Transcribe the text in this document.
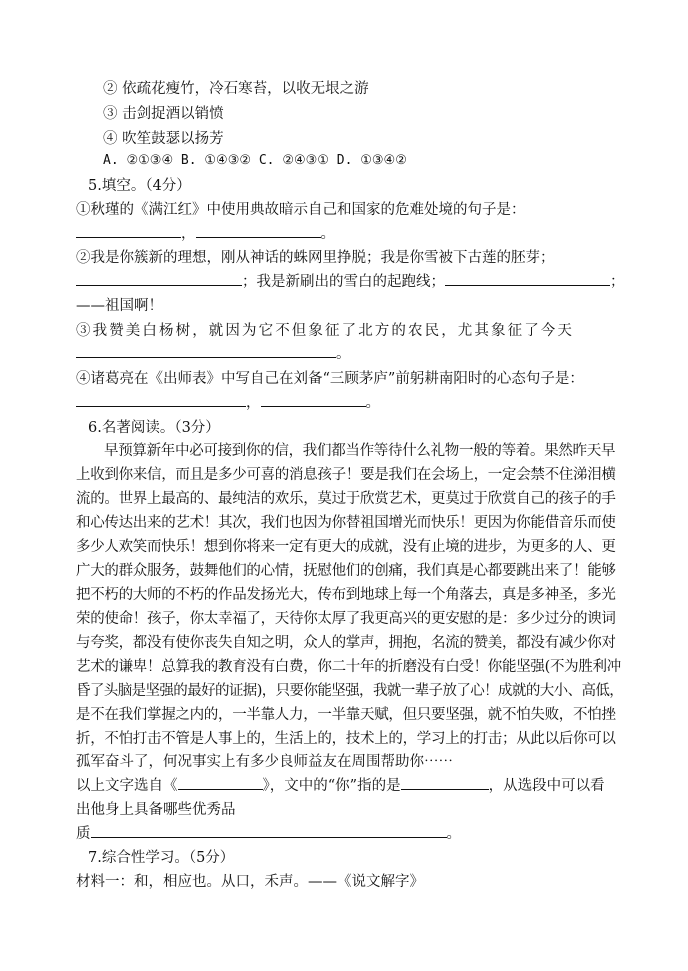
② 依疏花瘦竹，冷石寒苔，以收无垠之游
③ 击剑捉酒以销愤
④ 吹笙鼓瑟以扬芳
A. ②①③④ B. ①④③② C. ②④③① D. ①③④②
5.填空。（4分）
①秋瑾的《满江红》中使用典故暗示自己和国家的危难处境的句子是：
，	。
②我是你簇新的理想，刚从神话的蛛网里挣脱；我是你雪被下古莲的胚芽；
；我是新刷出的雪白的起跑线；	；
——祖国啊！
③我赞美白杨树，就因为它不但象征了北方的农民，尤其象征了今天
。
④诸葛亮在《出师表》中写自己在刘备“三顾茅庐”前躬耕南阳时的心态句子是：
，	。
6.名著阅读。（3分）
早预算新年中必可接到你的信，我们都当作等待什么礼物一般的等着。果然昨天早
上收到你来信，而且是多少可喜的消息孩子！要是我们在会场上，一定会禁不住涕泪横
流的。世界上最高的、最纯洁的欢乐，莫过于欣赏艺术，更莫过于欣赏自己的孩子的手
和心传达出来的艺术！其次，我们也因为你替祖国增光而快乐！更因为你能借音乐而使
多少人欢笑而快乐！想到你将来一定有更大的成就，没有止境的进步，为更多的人、更
广大的群众服务，鼓舞他们的心情，抚慰他们的创痛，我们真是心都要跳出来了！能够
把不朽的大师的不朽的作品发扬光大，传布到地球上每一个角落去，真是多神圣，多光
荣的使命！孩子，你太幸福了，天待你太厚了我更高兴的更安慰的是：多少过分的谀词
与夸奖，都没有使你丧失自知之明，众人的掌声，拥抱，名流的赞美，都没有减少你对
艺术的谦卑！总算我的教育没有白费，你二十年的折磨没有白受！你能坚强(不为胜利冲
昏了头脑是坚强的最好的证据)，只要你能坚强，我就一辈子放了心！成就的大小、高低，
是不在我们掌握之内的，一半靠人力，一半靠天赋，但只要坚强，就不怕失败，不怕挫
折，不怕打击不管是人事上的，生活上的，技术上的，学习上的打击；从此以后你可以
孤军奋斗了，何况事实上有多少良师益友在周围帮助你⋯⋯
以上文字选自《	》，文中的“你”指的是	，从选段中可以看
出他身上具备哪些优秀品
质	。
7.综合性学习。（5分）
材料一：和，相应也。从口，禾声。——《说文解字》
